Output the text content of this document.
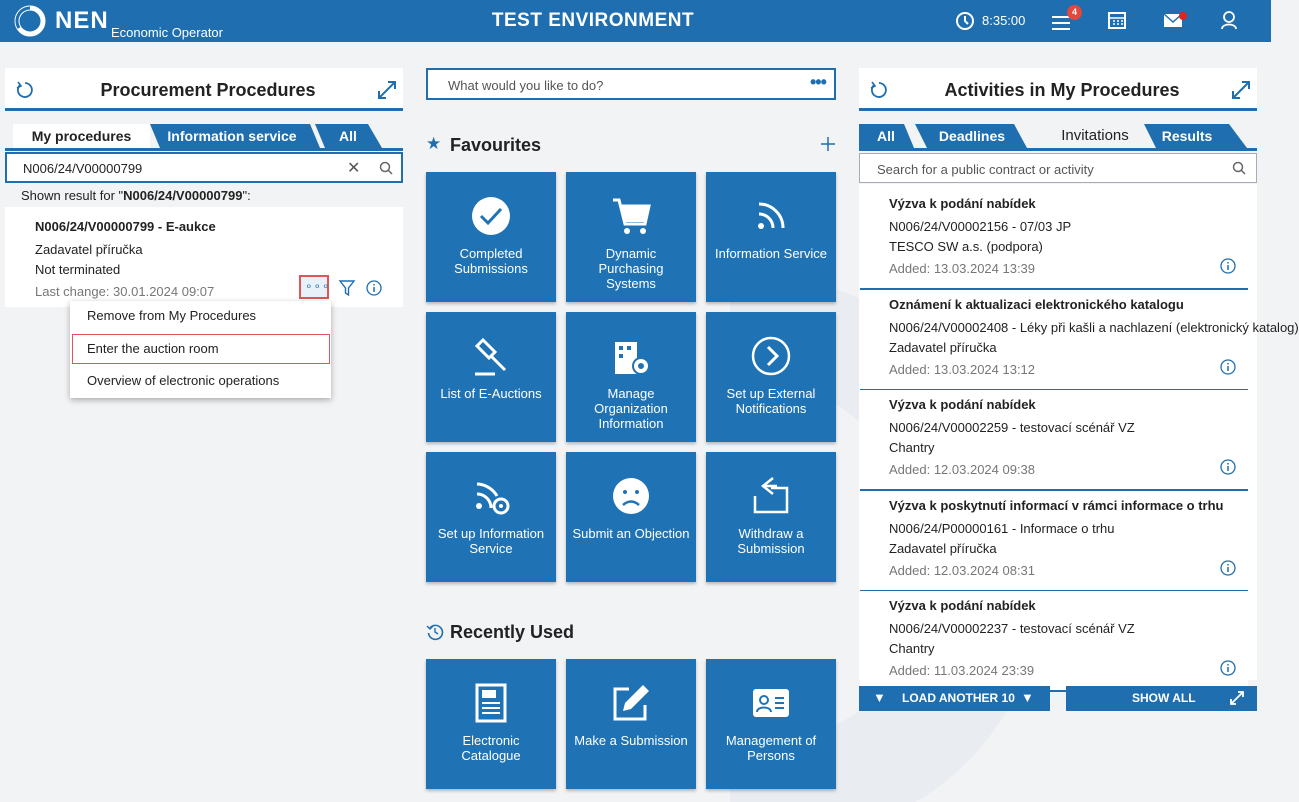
NEN Economic Operator
TEST ENVIRONMENT	8:35:00
4
Procurement Procedures
My procedures	Information service	All
N006/24/V00000799	✕
Shown result for "N006/24/V00000799":
N006/24/V00000799 - E-aukce
Zadavatel příručka
Not terminated
Last change: 30.01.2024 09:07	∘∘∘
Remove from My Procedures
Enter the auction room
Overview of electronic operations
What would you like to do?	•••
★ Favourites
Completed Submissions
Dynamic Purchasing Systems
Information Service
List of E-Auctions	Manage Organization Information
Set up External Notifications
Set up Information Service
Submit an Objection	Withdraw a Submission
Recently Used
Electronic Catalogue
Make a Submission	Management of Persons
Activities in My Procedures
All	Deadlines	Invitations	Results
Search for a public contract or activity
Výzva k podání nabídek
N006/24/V00002156 - 07/03 JP
TESCO SW a.s. (podpora)
Added: 13.03.2024 13:39
Oznámení k aktualizaci elektronického katalogu
N006/24/V00002408 - Léky při kašli a nachlazení (elektronický katalog)
Zadavatel příručka
Added: 13.03.2024 13:12
Výzva k podání nabídek
N006/24/V00002259 - testovací scénář VZ
Chantry
Added: 12.03.2024 09:38
Výzva k poskytnutí informací v rámci informace o trhu
N006/24/P00000161 - Informace o trhu
Zadavatel příručka
Added: 12.03.2024 08:31
Výzva k podání nabídek
N006/24/V00002237 - testovací scénář VZ
Chantry
Added: 11.03.2024 23:39
▼ LOAD ANOTHER 10 ▼	SHOW ALL
